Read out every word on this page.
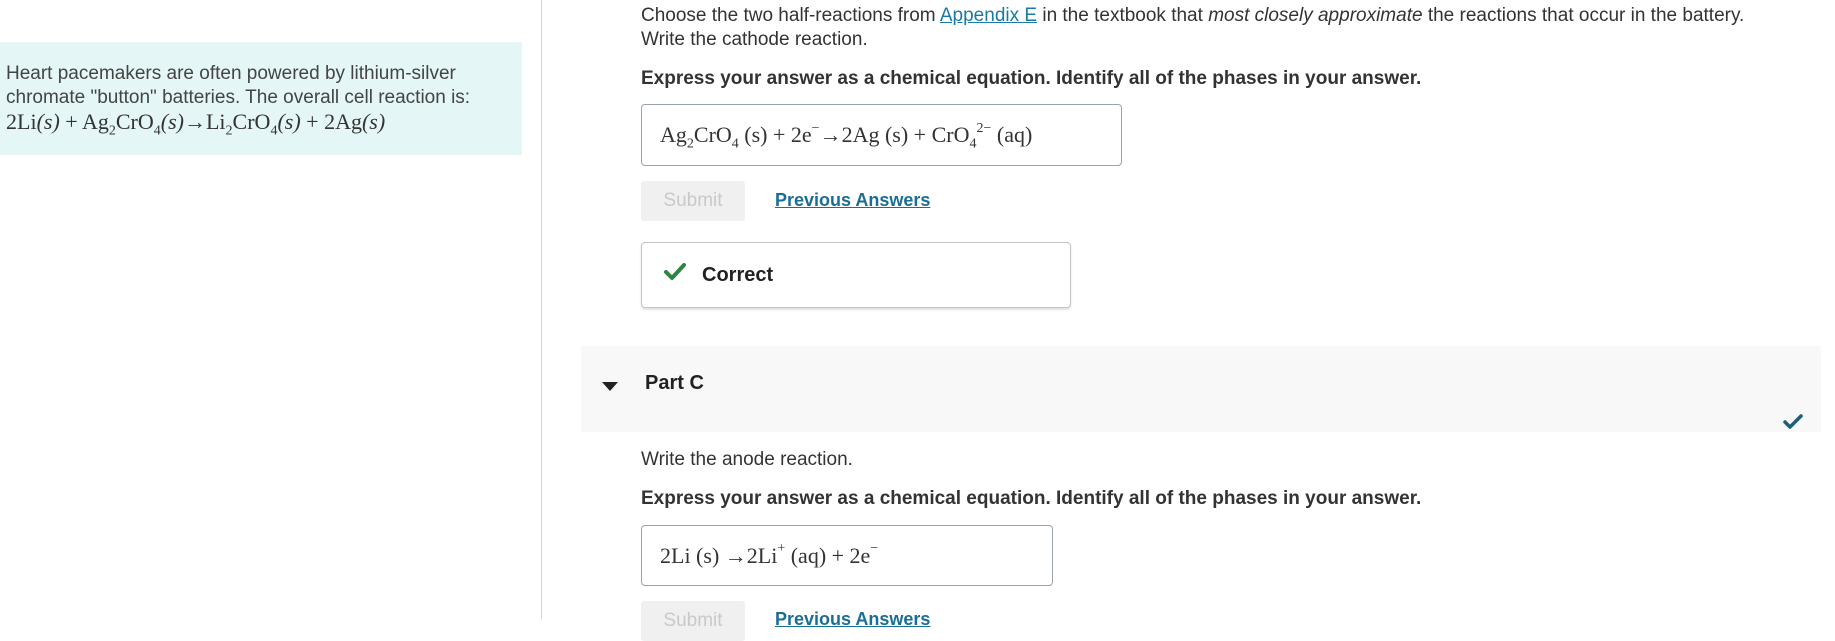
Heart pacemakers are often powered by lithium-silver
chromate "button" batteries. The overall cell reaction is:
$2Li(s) + Ag_2CrO_4(s)\to Li_2CrO_4(s) + 2Ag(s)$
Choose the two half-reactions from Appendix E in the textbook that most closely approximate the reactions that occur in the battery.
Write the cathode reaction.
Express your answer as a chemical equation. Identify all of the phases in your answer.
$Ag_2CrO_4$ (s) + 2e−→2Ag (s) + CrO$_4^{2-}$ (aq)
Submit	Previous Answers
Correct
Part C
Write the anode reaction.
Express your answer as a chemical equation. Identify all of the phases in your answer.
2Li (s) →2Li+ (aq) + 2e−
Submit	Previous Answers
